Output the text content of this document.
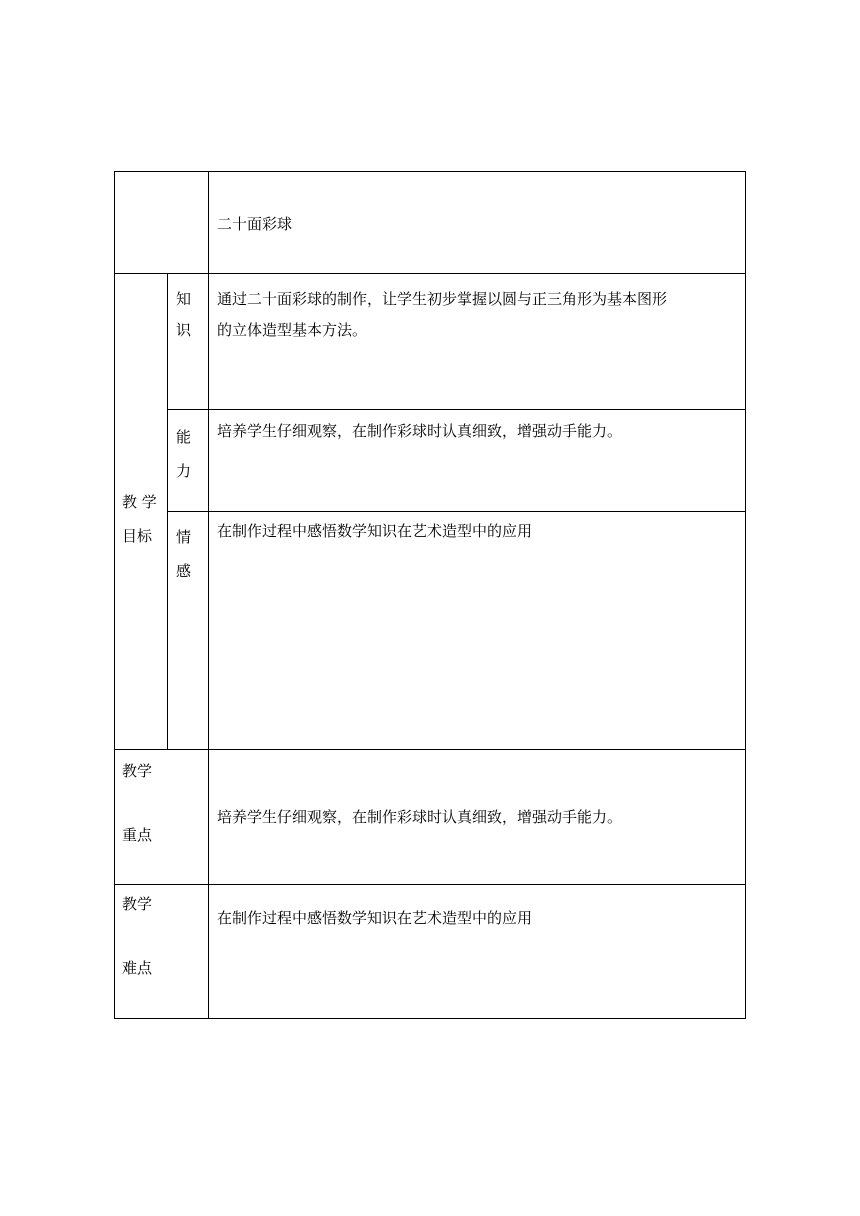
二十面彩球
教 学
目标
知
识
通过二十面彩球的制作，让学生初步掌握以圆与正三角形为基本图形
的立体造型基本方法。
能
力
培养学生仔细观察，在制作彩球时认真细致，增强动手能力。
情
感
在制作过程中感悟数学知识在艺术造型中的应用
教学
重点
培养学生仔细观察，在制作彩球时认真细致，增强动手能力。
教学
难点
在制作过程中感悟数学知识在艺术造型中的应用
